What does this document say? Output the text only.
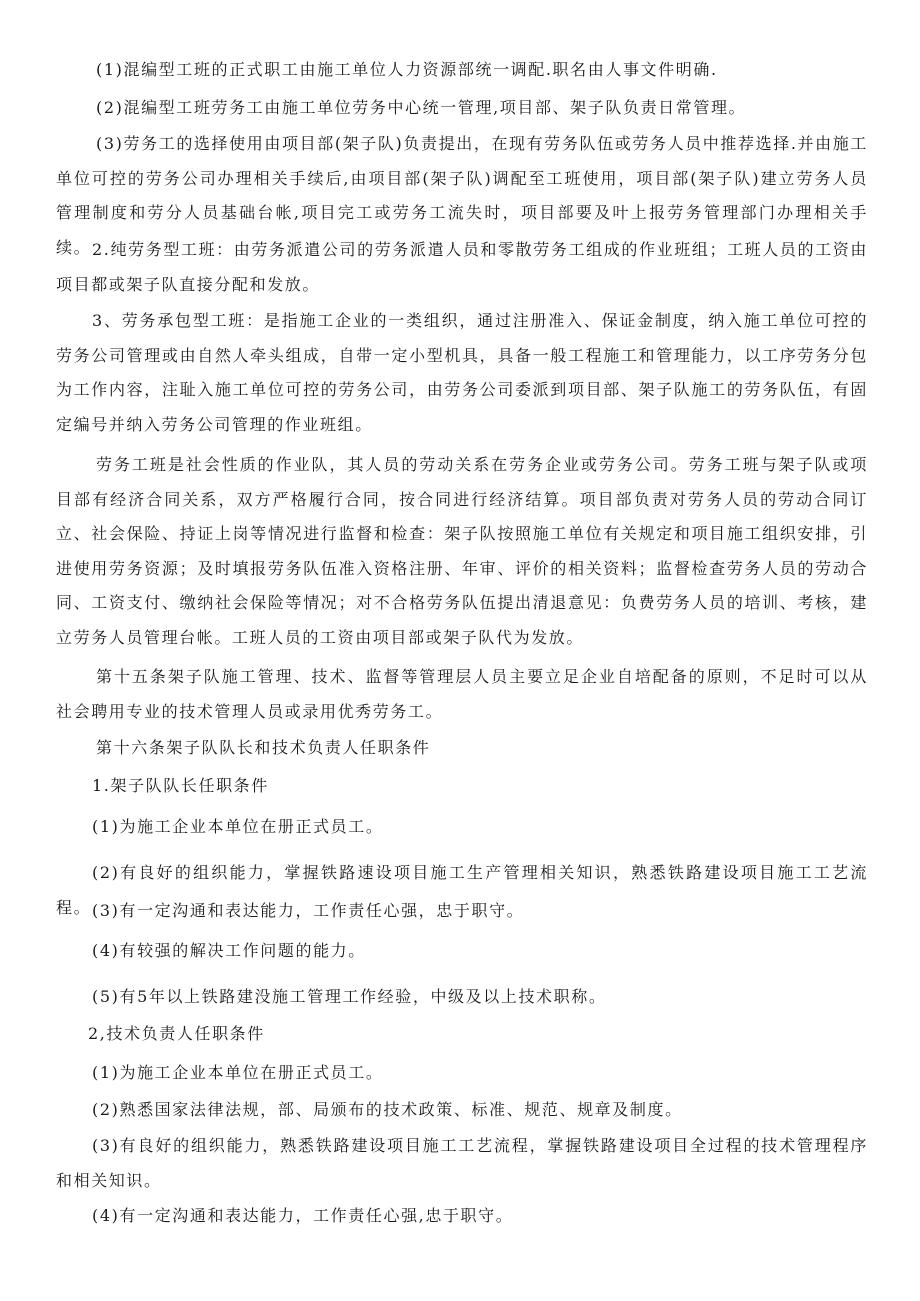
(1)混编型工班的正式职工由施工单位人力资源部统一调配.职名由人事文件明确.

(2)混编型工班劳务工由施工单位劳务中心统一管理,项目部、架子队负责日常管理。

(3)劳务工的选择使用由项目部(架子队)负责提出，在现有劳务队伍或劳务人员中推荐选择.并由施工单位可控的劳务公司办理相关手续后,由项目部(架子队)调配至工班使用，项目部(架子队)建立劳务人员管理制度和劳分人员基础台帐,项目完工或劳务工流失时，项目部要及叶上报劳务管理部门办理相关手续。 2.纯劳务型工班：由劳务派遣公司的劳务派遣人员和零散劳务工组成的作业班组；工班人员的工资由项目都或架子队直接分配和发放。

3、劳务承包型工班：是指施工企业的一类组织，通过注册准入、保证金制度，纳入施工单位可控的劳务公司管理或由自然人牵头组成，自带一定小型机具，具备一般工程施工和管理能力，以工序劳务分包为工作内容，注耻入施工单位可控的劳务公司，由劳务公司委派到项目部、架子队施工的劳务队伍，有固定编号并纳入劳务公司管理的作业班组。

劳务工班是社会性质的作业队，其人员的劳动关系在劳务企业或劳务公司。劳务工班与架子队或项目部有经济合同关系，双方严格履行合同，按合同进行经济结算。项目部负责对劳务人员的劳动合同订立、社会保险、持证上岗等情况进行监督和检查：架子队按照施工单位有关规定和项目施工组织安排，引进使用劳务资源；及时填报劳务队伍准入资格注册、年审、评价的相关资料；监督检查劳务人员的劳动合同、工资支付、缴纳社会保险等情况；对不合格劳务队伍提出清退意见：负费劳务人员的培训、考核，建立劳务人员管理台帐。工班人员的工资由项目部或架子队代为发放。

第十五条架子队施工管理、技术、监督等管理层人员主要立足企业自培配备的原则，不足时可以从社会聘用专业的技术管理人员或录用优秀劳务工。

第十六条架子队队长和技术负责人任职条件

1.架子队队长任职条件

(1)为施工企业本单位在册正式员工。

(2)有良好的组织能力，掌握铁路速设项目施工生产管理相关知识，熟悉铁路建设项目施工工艺流程。 (3)有一定沟通和表达能力，工作责任心强，忠于职守。

(4)有较强的解决工作问题的能力。

(5)有5年以上铁路建没施工管理工作经验，中级及以上技术职称。

2,技术负责人任职条件

(1)为施工企业本单位在册正式员工。

(2)熟悉国家法律法规，部、局颁布的技术政策、标准、规范、规章及制度。

(3)有良好的组织能力，熟悉铁路建设项目施工工艺流程，掌握铁路建设项目全过程的技术管理程序和相关知识。

(4)有一定沟通和表达能力，工作责任心强,忠于职守。
